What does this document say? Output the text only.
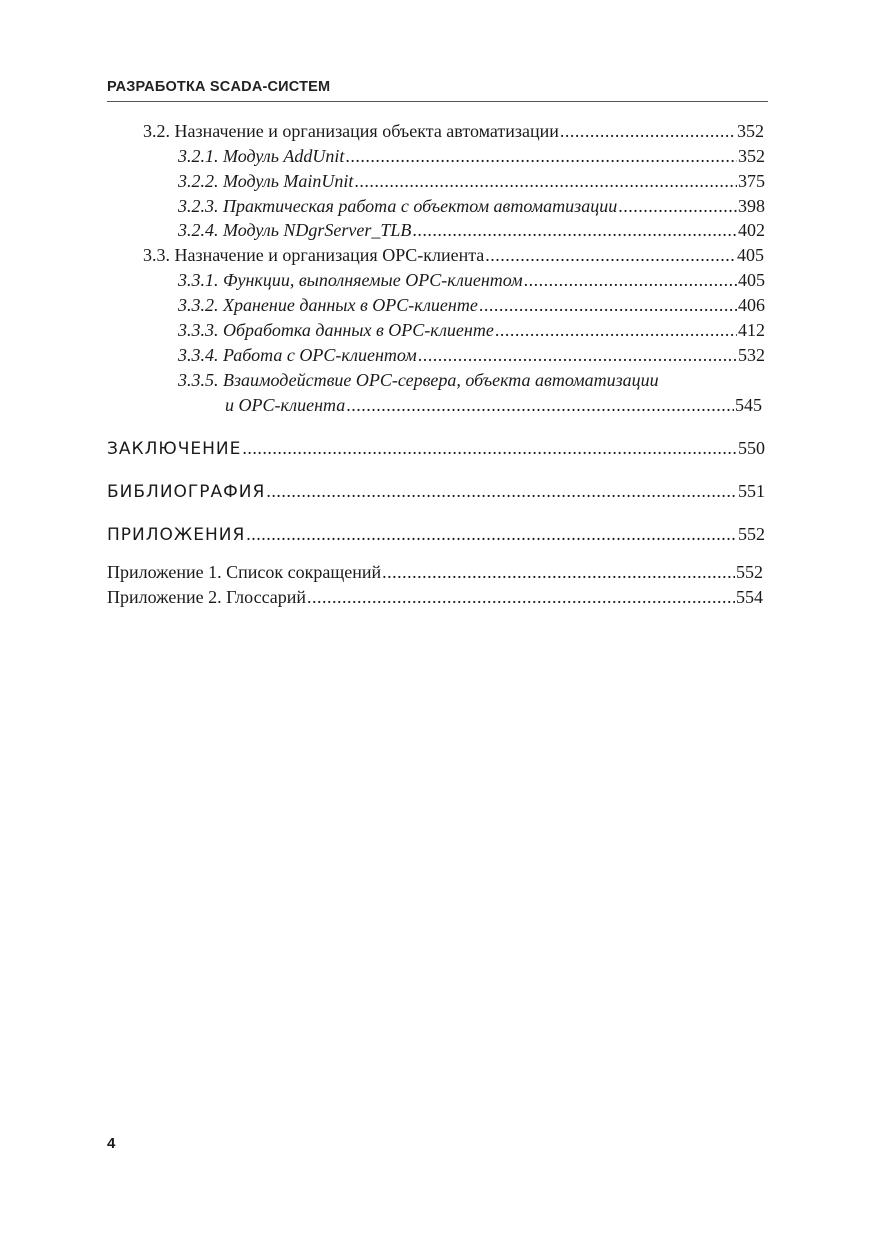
РАЗРАБОТКА SCADA-СИСТЕМ
3.2. Назначение и организация объекта автоматизации .....	352
3.2.1. Модуль AddUnit .....	352
3.2.2. Модуль MainUnit .....	375
3.2.3. Практическая работа с объектом автоматизации .....	398
3.2.4. Модуль NDgrServer_TLB .....	402
3.3. Назначение и организация OPC-клиента .....	405
3.3.1. Функции, выполняемые OPC-клиентом .....	405
3.3.2. Хранение данных в OPC-клиенте .....	406
3.3.3. Обработка данных в OPC-клиенте .....	412
3.3.4. Работа с OPC-клиентом .....	532
3.3.5. Взаимодействие OPC-сервера, объекта автоматизации
и OPC-клиента .....	545
ЗАКЛЮЧЕНИЕ .....	550
БИБЛИОГРАФИЯ .....	551
ПРИЛОЖЕНИЯ .....	552
Приложение 1. Список сокращений .....	552
Приложение 2. Глоссарий .....	554
4
